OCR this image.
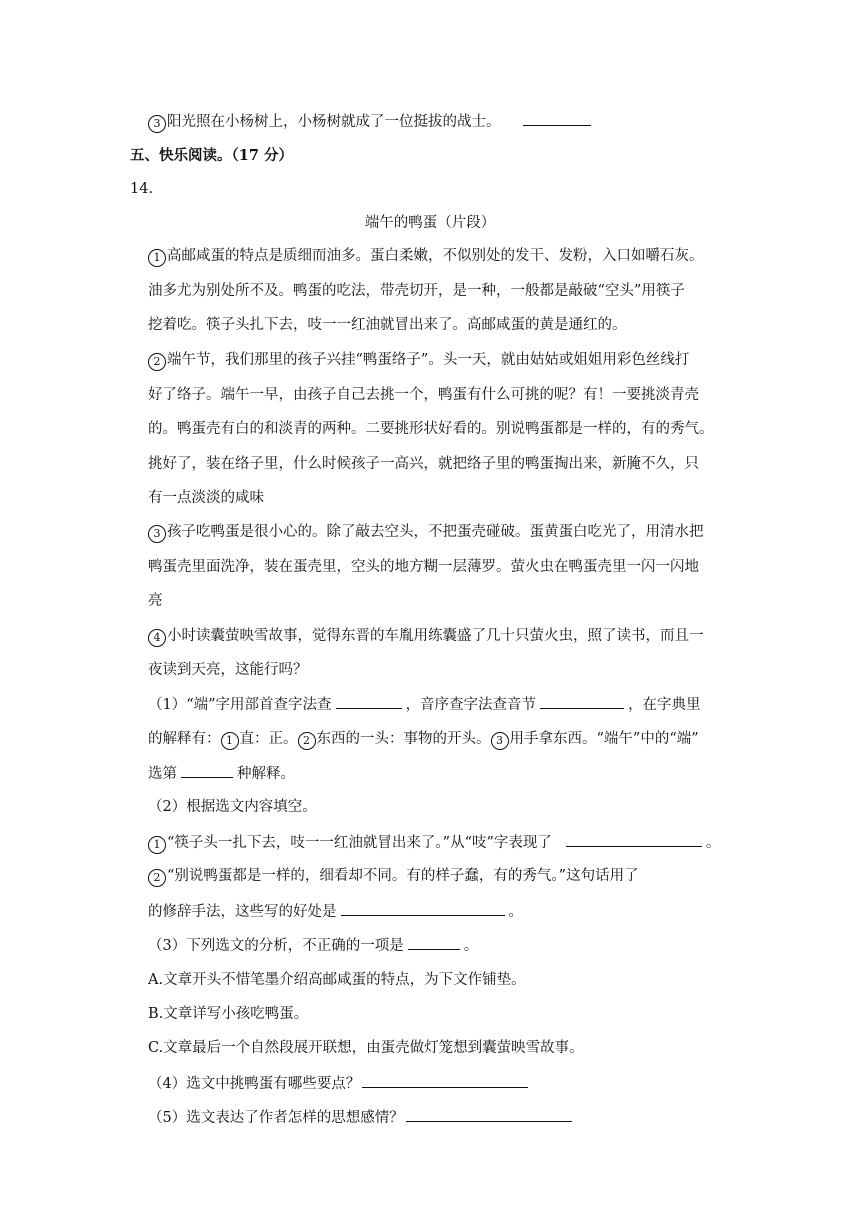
3 阳光照在小杨树上，小杨树就成了一位挺拔的战士。
五、快乐阅读。（17 分）
14.
端午的鸭蛋（片段）
1 高邮咸蛋的特点是质细而油多。蛋白柔嫩，不似别处的发干、发粉，入口如嚼石灰。
油多尤为别处所不及。鸭蛋的吃法，带壳切开，是一种，一般都是敲破“空头”用筷子
挖着吃。筷子头扎下去，吱一一红油就冒出来了。高邮咸蛋的黄是通红的。
2 端午节，我们那里的孩子兴挂“鸭蛋络子”。头一天，就由姑姑或姐姐用彩色丝线打
好了络子。端午一早，由孩子自己去挑一个，鸭蛋有什么可挑的呢？有！一要挑淡青壳
的。鸭蛋壳有白的和淡青的两种。二要挑形状好看的。别说鸭蛋都是一样的，有的秀气。
挑好了，装在络子里，什么时候孩子一高兴，就把络子里的鸭蛋掏出来，新腌不久，只
有一点淡淡的咸味
3 孩子吃鸭蛋是很小心的。除了敲去空头，不把蛋壳碰破。蛋黄蛋白吃光了，用清水把
鸭蛋壳里面洗净，装在蛋壳里，空头的地方糊一层薄罗。萤火虫在鸭蛋壳里一闪一闪地
亮
4 小时读囊萤映雪故事，觉得东晋的车胤用练囊盛了几十只萤火虫，照了读书，而且一
夜读到天亮，这能行吗？
（1）“端”字用部首查字法查	，音序查字法查音节	，在字典里
的解释有： 1 直：正。 2 东西的一头：事物的开头。 3 用手拿东西。“端午”中的“端”
选第	种解释。
（2）根据选文内容填空。
1 “筷子头一扎下去，吱一一红油就冒出来了。”从“吱”字表现了	。
2 “别说鸭蛋都是一样的，细看却不同。有的样子蠢，有的秀气。”这句话用了
的修辞手法，这些写的好处是	。
（3）下列选文的分析，不正确的一项是	。
A.文章开头不惜笔墨介绍高邮咸蛋的特点，为下文作铺垫。
B.文章详写小孩吃鸭蛋。
C.文章最后一个自然段展开联想，由蛋壳做灯笼想到囊萤映雪故事。
（4）选文中挑鸭蛋有哪些要点？
（5）选文表达了作者怎样的思想感情？
